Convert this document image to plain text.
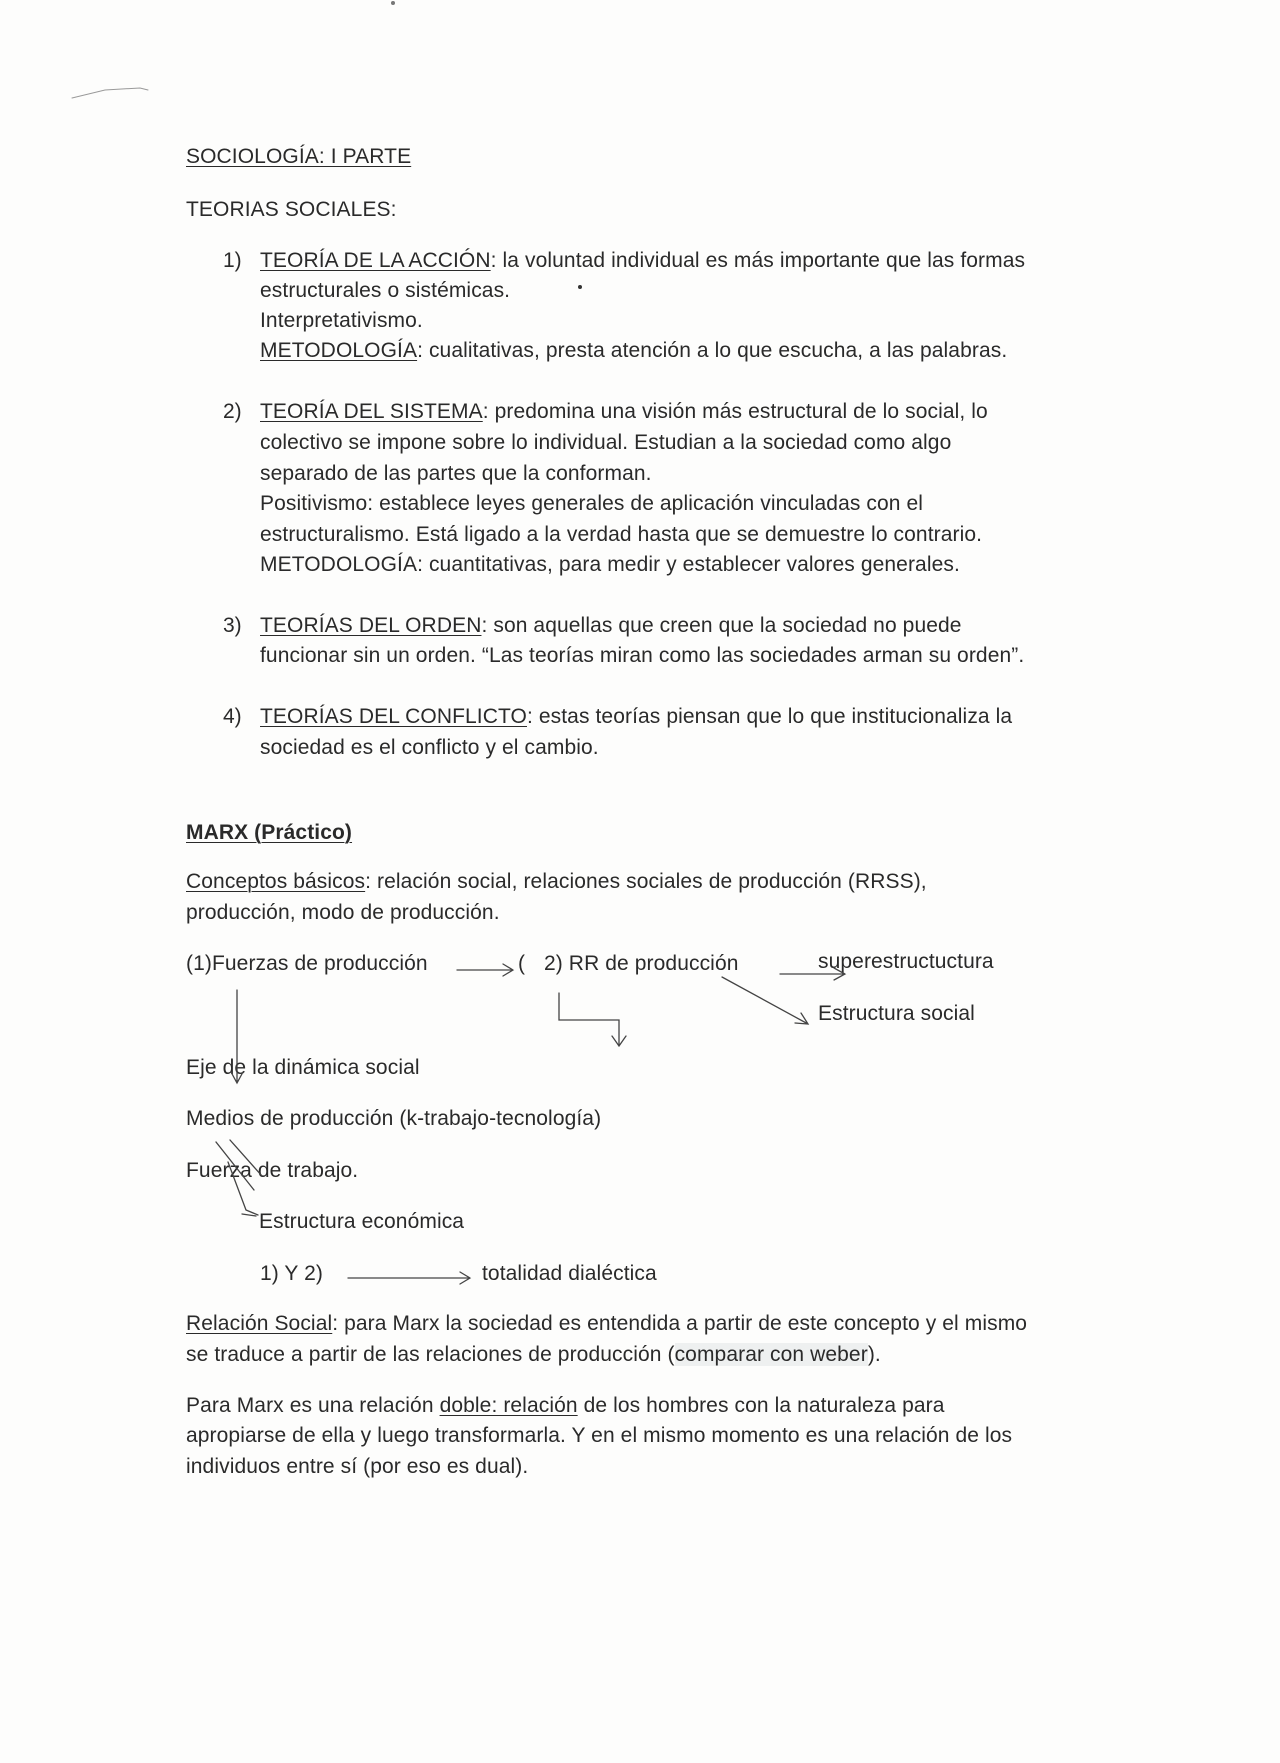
SOCIOLOGÍA: I PARTE
TEORIAS SOCIALES:
1) TEORÍA DE LA ACCIÓN: la voluntad individual es más importante que las formas
estructurales o sistémicas.
Interpretativismo.
METODOLOGÍA: cualitativas, presta atención a lo que escucha, a las palabras.
2) TEORÍA DEL SISTEMA: predomina una visión más estructural de lo social, lo
colectivo se impone sobre lo individual. Estudian a la sociedad como algo
separado de las partes que la conforman.
Positivismo: establece leyes generales de aplicación vinculadas con el
estructuralismo. Está ligado a la verdad hasta que se demuestre lo contrario.
METODOLOGÍA: cuantitativas, para medir y establecer valores generales.
3) TEORÍAS DEL ORDEN: son aquellas que creen que la sociedad no puede
funcionar sin un orden. “Las teorías miran como las sociedades arman su orden”.
4) TEORÍAS DEL CONFLICTO: estas teorías piensan que lo que institucionaliza la
sociedad es el conflicto y el cambio.
MARX (Práctico)
Conceptos básicos: relación social, relaciones sociales de producción (RRSS),
producción, modo de producción.
(1)Fuerzas de producción	( 2) RR de producción	superestructuctura
Estructura social
Eje de la dinámica social
Medios de producción (k-trabajo-tecnología)
Fuerza de trabajo.
Estructura económica
1) Y 2)	totalidad dialéctica
Relación Social: para Marx la sociedad es entendida a partir de este concepto y el mismo
se traduce a partir de las relaciones de producción (comparar con weber).
Para Marx es una relación doble: relación de los hombres con la naturaleza para
apropiarse de ella y luego transformarla. Y en el mismo momento es una relación de los
individuos entre sí (por eso es dual).
